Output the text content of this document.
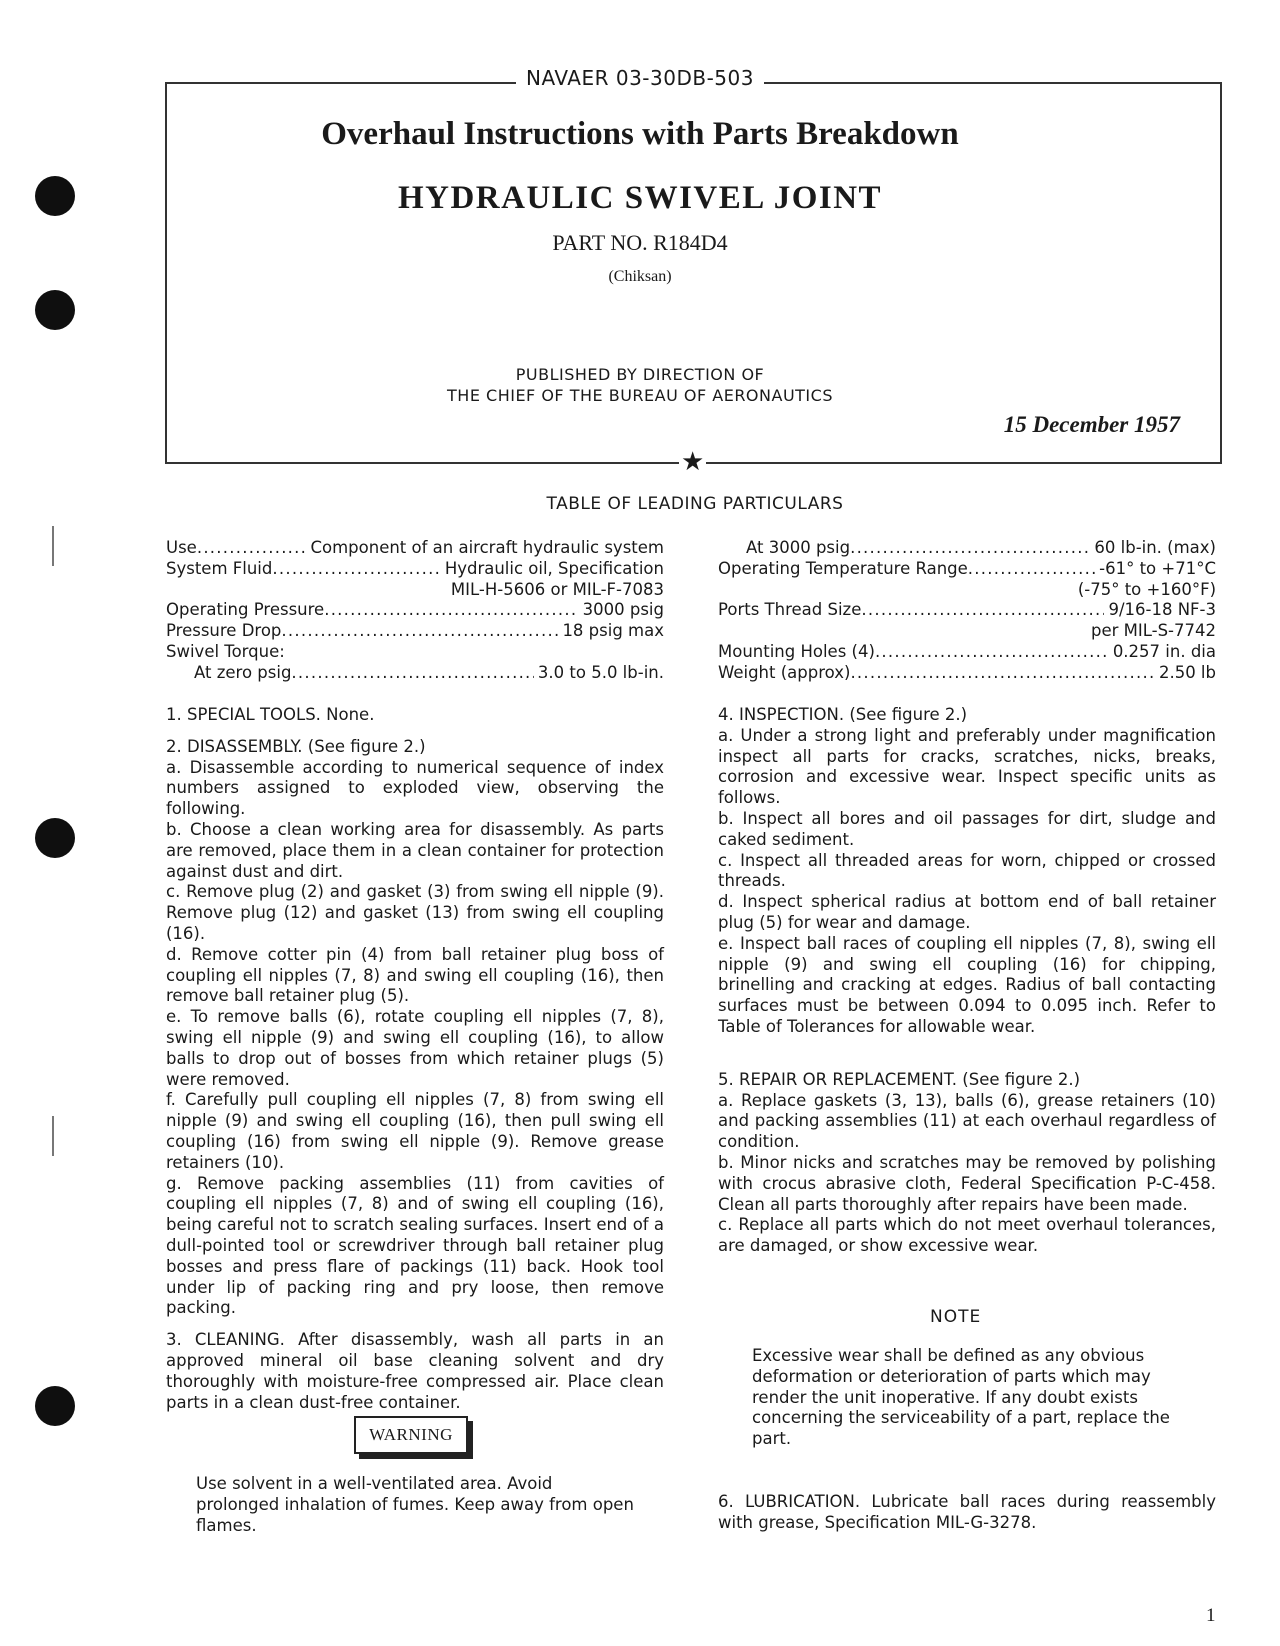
NAVAER 03-30DB-503
Overhaul Instructions with Parts Breakdown
HYDRAULIC SWIVEL JOINT
PART NO. R184D4
(Chiksan)
PUBLISHED BY DIRECTION OF
THE CHIEF OF THE BUREAU OF AERONAUTICS
15 December 1957
★
TABLE OF LEADING PARTICULARS
Use . . .	Component of an aircraft hydraulic system
System Fluid . . .	Hydraulic oil, Specification
MIL-H-5606 or MIL-F-7083
Operating Pressure . . .	3000 psig
Pressure Drop . . .	18 psig max
Swivel Torque:
At zero psig . . .	3.0 to 5.0 lb-in.
At 3000 psig . . .	60 lb-in. (max)
Operating Temperature Range . . .	-61° to +71°C
(-75° to +160°F)
Ports Thread Size . . .	9/16-18 NF-3
per MIL-S-7742
Mounting Holes (4) . . .	0.257 in. dia
Weight (approx) . . .	2.50 lb

1. SPECIAL TOOLS. None.

2. DISASSEMBLY. (See figure 2.)

a. Disassemble according to numerical sequence of index numbers assigned to exploded view, observing the following.

b. Choose a clean working area for disassembly. As parts are removed, place them in a clean container for protection against dust and dirt.

c. Remove plug (2) and gasket (3) from swing ell nipple (9). Remove plug (12) and gasket (13) from swing ell coupling (16).

d. Remove cotter pin (4) from ball retainer plug boss of coupling ell nipples (7, 8) and swing ell coupling (16), then remove ball retainer plug (5).

e. To remove balls (6), rotate coupling ell nipples (7, 8), swing ell nipple (9) and swing ell coupling (16), to allow balls to drop out of bosses from which retainer plugs (5) were removed.

f. Carefully pull coupling ell nipples (7, 8) from swing ell nipple (9) and swing ell coupling (16), then pull swing ell coupling (16) from swing ell nipple (9). Remove grease retainers (10).

g. Remove packing assemblies (11) from cavities of coupling ell nipples (7, 8) and of swing ell coupling (16), being careful not to scratch sealing surfaces. Insert end of a dull-pointed tool or screwdriver through ball retainer plug bosses and press flare of packings (11) back. Hook tool under lip of packing ring and pry loose, then remove packing.

3. CLEANING. After disassembly, wash all parts in an approved mineral oil base cleaning solvent and dry thoroughly with moisture-free compressed air. Place clean parts in a clean dust-free container.

WARNING
Use solvent in a well-ventilated area. Avoid prolonged inhalation of fumes. Keep away from open flames.

4. INSPECTION. (See figure 2.)

a. Under a strong light and preferably under magnification inspect all parts for cracks, scratches, nicks, breaks, corrosion and excessive wear. Inspect specific units as follows.

b. Inspect all bores and oil passages for dirt, sludge and caked sediment.

c. Inspect all threaded areas for worn, chipped or crossed threads.

d. Inspect spherical radius at bottom end of ball retainer plug (5) for wear and damage.

e. Inspect ball races of coupling ell nipples (7, 8), swing ell nipple (9) and swing ell coupling (16) for chipping, brinelling and cracking at edges. Radius of ball contacting surfaces must be between 0.094 to 0.095 inch. Refer to Table of Tolerances for allowable wear.

5. REPAIR OR REPLACEMENT. (See figure 2.)

a. Replace gaskets (3, 13), balls (6), grease retainers (10) and packing assemblies (11) at each overhaul regardless of condition.

b. Minor nicks and scratches may be removed by polishing with crocus abrasive cloth, Federal Specification P-C-458. Clean all parts thoroughly after repairs have been made.

c. Replace all parts which do not meet overhaul tolerances, are damaged, or show excessive wear.

NOTE
Excessive wear shall be defined as any obvious deformation or deterioration of parts which may render the unit inoperative. If any doubt exists concerning the serviceability of a part, replace the part.
6. LUBRICATION. Lubricate ball races during reassembly with grease, Specification MIL-G-3278.
1
